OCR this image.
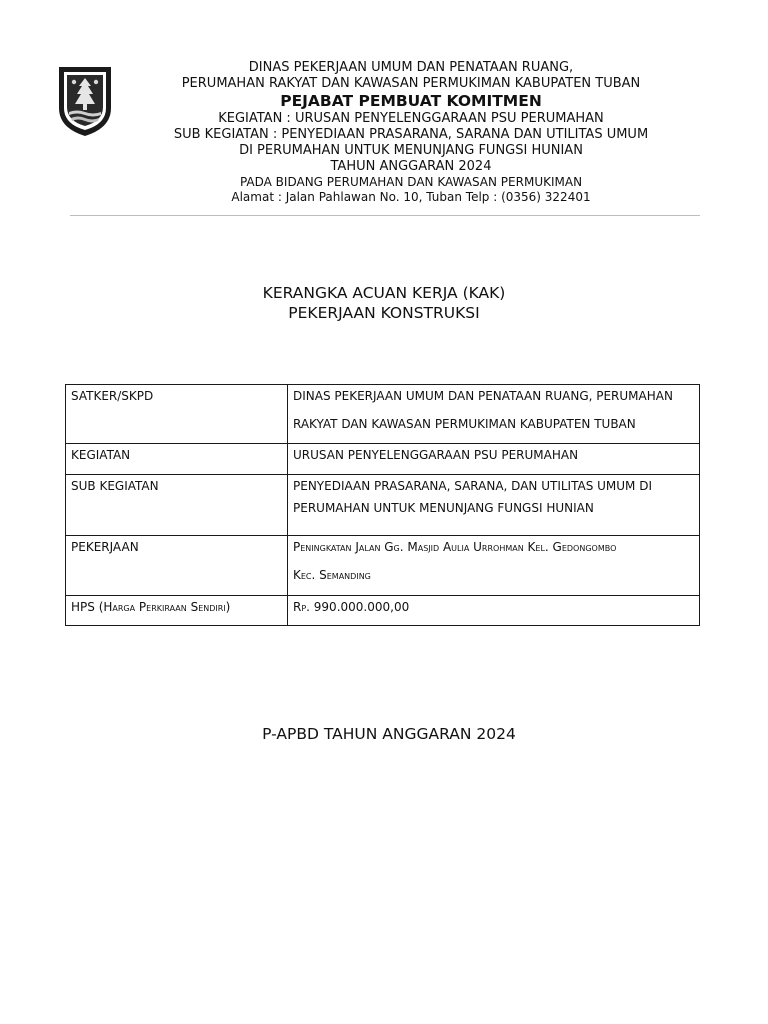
DINAS PEKERJAAN UMUM DAN PENATAAN RUANG,
PERUMAHAN RAKYAT DAN KAWASAN PERMUKIMAN KABUPATEN TUBAN
PEJABAT PEMBUAT KOMITMEN
KEGIATAN : URUSAN PENYELENGGARAAN PSU PERUMAHAN
SUB KEGIATAN : PENYEDIAAN PRASARANA, SARANA DAN UTILITAS UMUM
DI PERUMAHAN UNTUK MENUNJANG FUNGSI HUNIAN
TAHUN ANGGARAN 2024
PADA BIDANG PERUMAHAN DAN KAWASAN PERMUKIMAN
Alamat : Jalan Pahlawan No. 10, Tuban Telp : (0356) 322401
KERANGKA ACUAN KERJA (KAK)
PEKERJAAN KONSTRUKSI
SATKER/SKPD	DINAS PEKERJAAN UMUM DAN PENATAAN RUANG, PERUMAHAN
RAKYAT DAN KAWASAN PERMUKIMAN KABUPATEN TUBAN

KEGIATAN	URUSAN PENYELENGGARAAN PSU PERUMAHAN
SUB KEGIATAN	PENYEDIAAN PRASARANA, SARANA, DAN UTILITAS UMUM DI
PERUMAHAN UNTUK MENUNJANG FUNGSI HUNIAN

PEKERJAAN	Peningkatan Jalan Gg. Masjid Aulia Urrohman Kel. Gedongombo
Kec. Semanding

HPS (Harga Perkiraan Sendiri)	Rp. 990.000.000,00
P-APBD TAHUN ANGGARAN 2024
